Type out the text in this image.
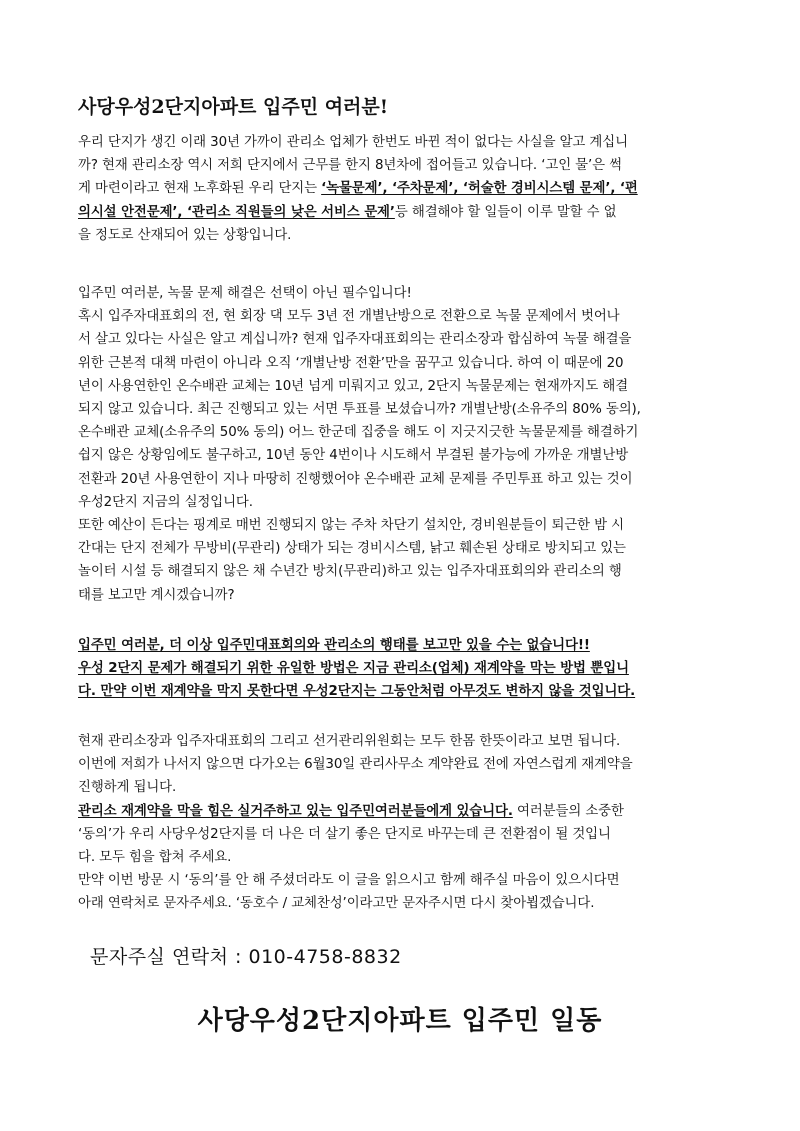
사당우성2단지아파트 입주민 여러분!
우리 단지가 생긴 이래 30년 가까이 관리소 업체가 한번도 바뀐 적이 없다는 사실을 알고 계십니
까? 현재 관리소장 역시 저희 단지에서 근무를 한지 8년차에 접어들고 있습니다. ‘고인 물’은 썩
게 마련이라고 현재 노후화된 우리 단지는 ‘녹물문제’, ‘주차문제’, ‘허술한 경비시스템 문제’, ‘편
의시설 안전문제’, ‘관리소 직원들의 낮은 서비스 문제’등 해결해야 할 일들이 이루 말할 수 없
을 정도로 산재되어 있는 상황입니다.
입주민 여러분, 녹물 문제 해결은 선택이 아닌 필수입니다!
혹시 입주자대표회의 전, 현 회장 댁 모두 3년 전 개별난방으로 전환으로 녹물 문제에서 벗어나
서 살고 있다는 사실은 알고 계십니까? 현재 입주자대표회의는 관리소장과 합심하여 녹물 해결을
위한 근본적 대책 마련이 아니라 오직 ‘개별난방 전환’만을 꿈꾸고 있습니다. 하여 이 때문에 20
년이 사용연한인 온수배관 교체는 10년 넘게 미뤄지고 있고, 2단지 녹물문제는 현재까지도 해결
되지 않고 있습니다. 최근 진행되고 있는 서면 투표를 보셨습니까? 개별난방(소유주의 80% 동의),
온수배관 교체(소유주의 50% 동의) 어느 한군데 집중을 해도 이 지긋지긋한 녹물문제를 해결하기
쉽지 않은 상황임에도 불구하고, 10년 동안 4번이나 시도해서 부결된 불가능에 가까운 개별난방
전환과 20년 사용연한이 지나 마땅히 진행했어야 온수배관 교체 문제를 주민투표 하고 있는 것이
우성2단지 지금의 실정입니다.
또한 예산이 든다는 핑계로 매번 진행되지 않는 주차 차단기 설치안, 경비원분들이 퇴근한 밤 시
간대는 단지 전체가 무방비(무관리) 상태가 되는 경비시스템, 낡고 훼손된 상태로 방치되고 있는
놀이터 시설 등 해결되지 않은 채 수년간 방치(무관리)하고 있는 입주자대표회의와 관리소의 행
태를 보고만 계시겠습니까?
입주민 여러분, 더 이상 입주민대표회의와 관리소의 행태를 보고만 있을 수는 없습니다!!
우성 2단지 문제가 해결되기 위한 유일한 방법은 지금 관리소(업체) 재계약을 막는 방법 뿐입니
다. 만약 이번 재계약을 막지 못한다면 우성2단지는 그동안처럼 아무것도 변하지 않을 것입니다.
현재 관리소장과 입주자대표회의 그리고 선거관리위원회는 모두 한몸 한뜻이라고 보면 됩니다.
이번에 저희가 나서지 않으면 다가오는 6월30일 관리사무소 계약완료 전에 자연스럽게 재계약을
진행하게 됩니다.
관리소 재계약을 막을 힘은 실거주하고 있는 입주민여러분들에게 있습니다. 여러분들의 소중한
‘동의’가 우리 사당우성2단지를 더 나은 더 살기 좋은 단지로 바꾸는데 큰 전환점이 될 것입니
다. 모두 힘을 합쳐 주세요.
만약 이번 방문 시 ‘동의’를 안 해 주셨더라도 이 글을 읽으시고 함께 해주실 마음이 있으시다면
아래 연락처로 문자주세요. ‘동호수 / 교체찬성’이라고만 문자주시면 다시 찾아뵙겠습니다.

문자주실 연락처 : 010-4758-8832

사당우성2단지아파트 입주민 일동
